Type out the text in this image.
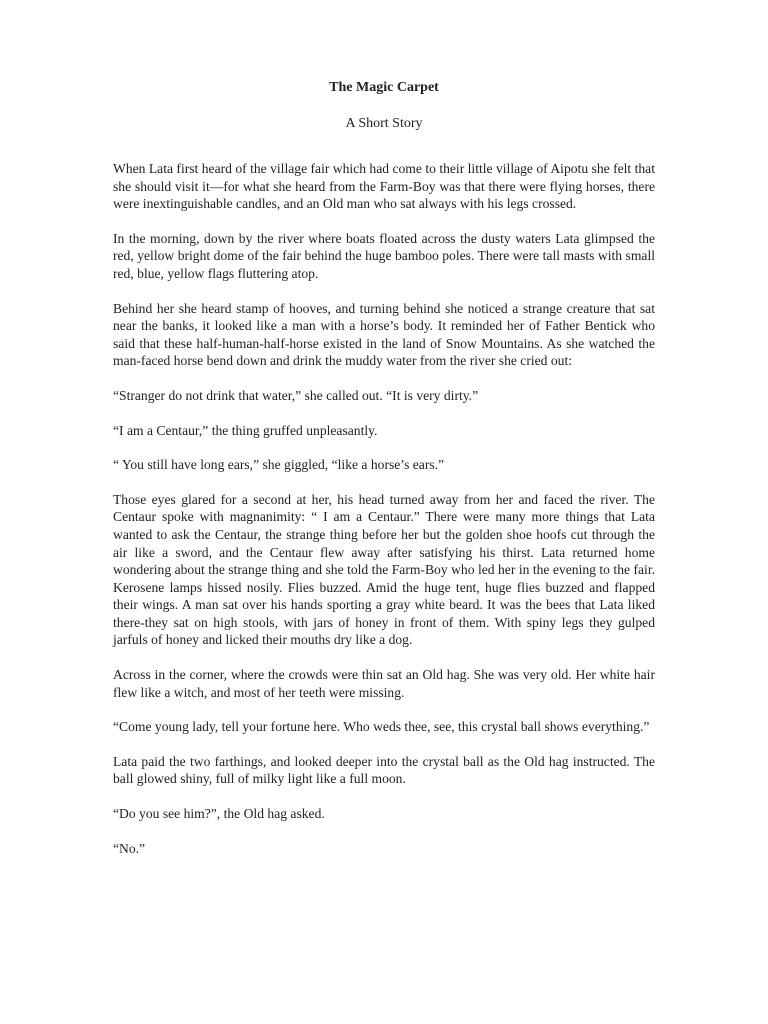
The Magic Carpet
A Short Story

When Lata first heard of the village fair which had come to their little village of Aipotu she felt that she should visit it—for what she heard from the Farm-Boy was that there were flying horses, there were inextinguishable candles, and an Old man who sat always with his legs crossed.

In the morning, down by the river where boats floated across the dusty waters Lata glimpsed the red, yellow bright dome of the fair behind the huge bamboo poles. There were tall masts with small red, blue, yellow flags fluttering atop.

Behind her she heard stamp of hooves, and turning behind she noticed a strange creature that sat near the banks, it looked like a man with a horse’s body. It reminded her of Father Bentick who said that these half-human-half-horse existed in the land of Snow Mountains. As she watched the man-faced horse bend down and drink the muddy water from the river she cried out:

“Stranger do not drink that water,” she called out. “It is very dirty.”

“I am a Centaur,” the thing gruffed unpleasantly.

“ You still have long ears,” she giggled, “like a horse’s ears.”

Those eyes glared for a second at her, his head turned away from her and faced the river. The Centaur spoke with magnanimity: “ I am a Centaur.” There were many more things that Lata wanted to ask the Centaur, the strange thing before her but the golden shoe hoofs cut through the air like a sword, and the Centaur flew away after satisfying his thirst. Lata returned home wondering about the strange thing and she told the Farm-Boy who led her in the evening to the fair. Kerosene lamps hissed nosily. Flies buzzed. Amid the huge tent, huge flies buzzed and flapped their wings. A man sat over his hands sporting a gray white beard. It was the bees that Lata liked there-they sat on high stools, with jars of honey in front of them. With spiny legs they gulped jarfuls of honey and licked their mouths dry like a dog.

Across in the corner, where the crowds were thin sat an Old hag. She was very old. Her white hair flew like a witch, and most of her teeth were missing.

“Come young lady, tell your fortune here. Who weds thee, see, this crystal ball shows everything.”

Lata paid the two farthings, and looked deeper into the crystal ball as the Old hag instructed. The ball glowed shiny, full of milky light like a full moon.

“Do you see him?”, the Old hag asked.

“No.”
